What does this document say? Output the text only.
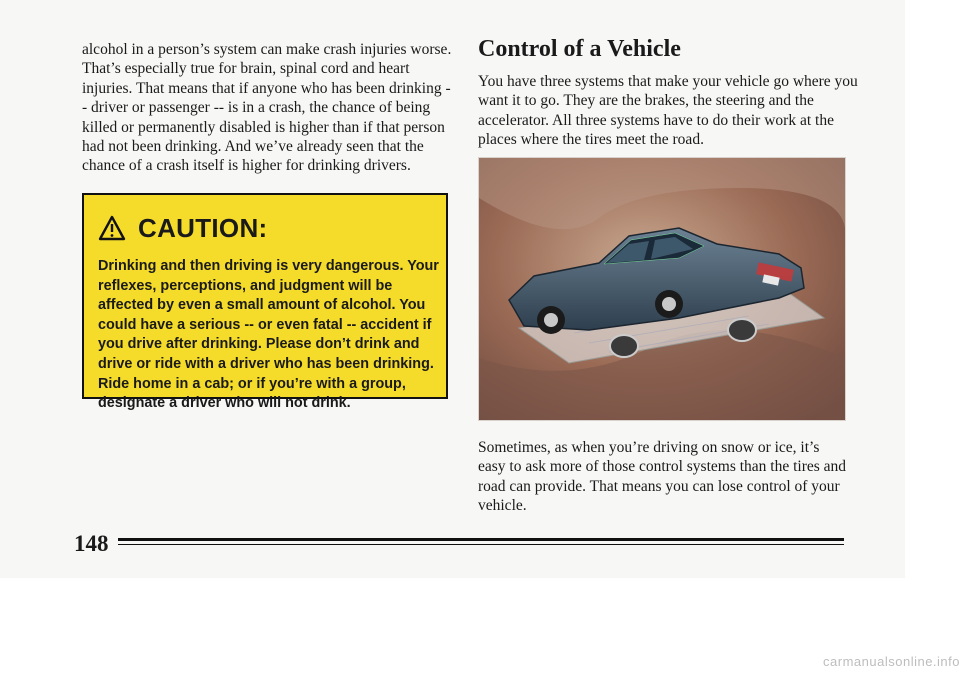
alcohol in a person’s system can make crash injuries worse. That’s especially true for brain, spinal cord and heart injuries. That means that if anyone who has been drinking -- driver or passenger -- is in a crash, the chance of being killed or permanently disabled is higher than if that person had not been drinking. And we’ve already seen that the chance of a crash itself is higher for drinking drivers.

CAUTION:
Drinking and then driving is very dangerous. Your reflexes, perceptions, and judgment will be affected by even a small amount of alcohol. You could have a serious -- or even fatal -- accident if you drive after drinking. Please don’t drink and drive or ride with a driver who has been drinking. Ride home in a cab; or if you’re with a group, designate a driver who will not drink.
Control of a Vehicle

You have three systems that make your vehicle go where you want it to go. They are the brakes, the steering and the accelerator. All three systems have to do their work at the places where the tires meet the road.

Sometimes, as when you’re driving on snow or ice, it’s easy to ask more of those control systems than the tires and road can provide. That means you can lose control of your vehicle.

148
carmanualsonline.info
